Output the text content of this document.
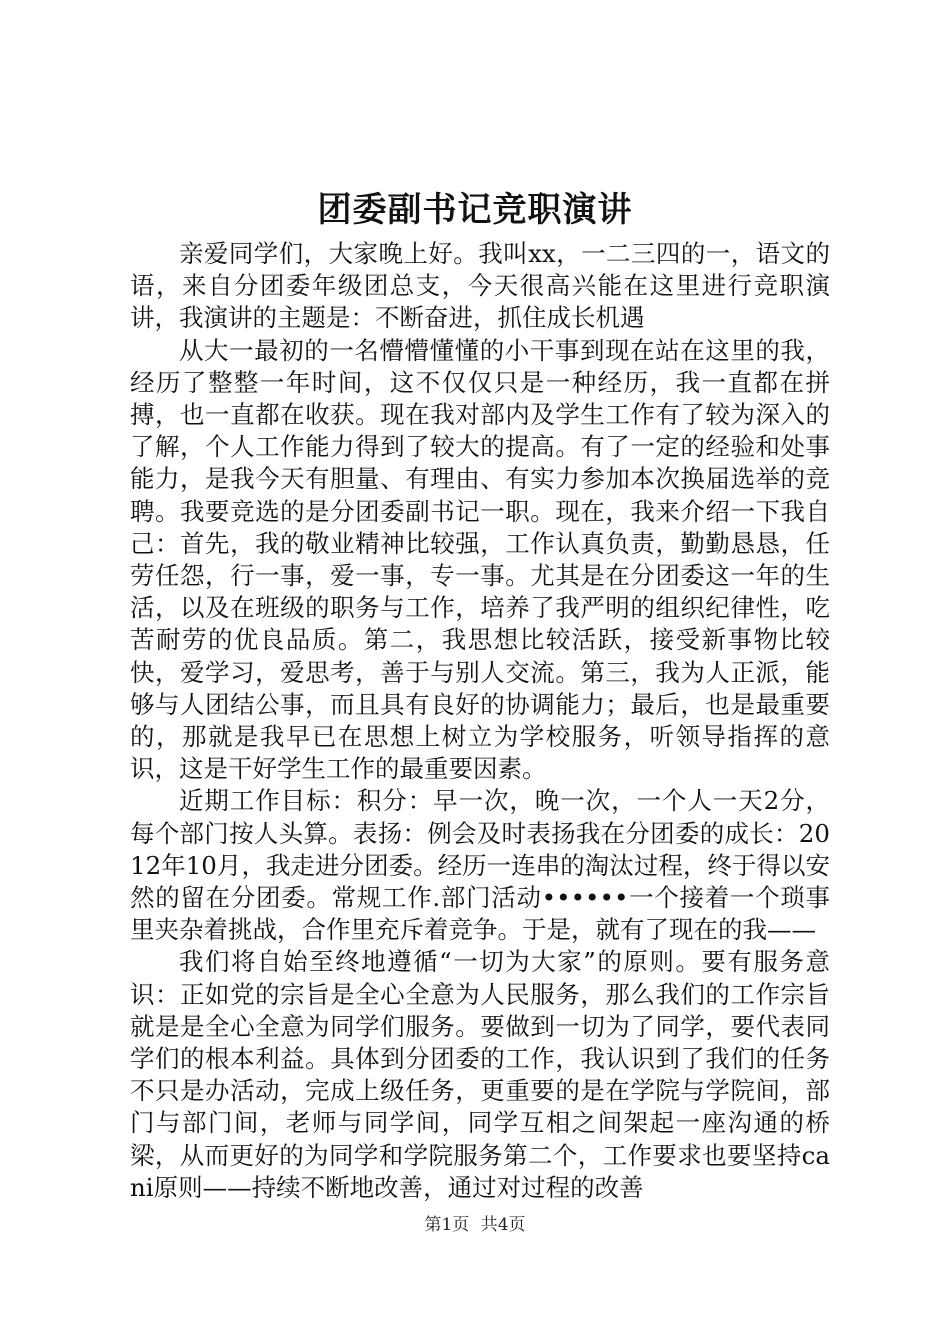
团委副书记竞职演讲

亲爱同学们，大家晚上好。我叫xx，一二三四的一，语文的语，来自分团委年级团总支，今天很高兴能在这里进行竞职演讲，我演讲的主题是：不断奋进，抓住成长机遇

从大一最初的一名懵懵懂懂的小干事到现在站在这里的我，经历了整整一年时间，这不仅仅只是一种经历，我一直都在拼搏，也一直都在收获。现在我对部内及学生工作有了较为深入的了解，个人工作能力得到了较大的提高。有了一定的经验和处事能力，是我今天有胆量、有理由、有实力参加本次换届选举的竞聘。我要竞选的是分团委副书记一职。现在，我来介绍一下我自己：首先，我的敬业精神比较强，工作认真负责，勤勤恳恳，任劳任怨，行一事，爱一事，专一事。尤其是在分团委这一年的生活，以及在班级的职务与工作，培养了我严明的组织纪律性，吃苦耐劳的优良品质。第二，我思想比较活跃，接受新事物比较快，爱学习，爱思考，善于与别人交流。第三，我为人正派，能够与人团结公事，而且具有良好的协调能力；最后，也是最重要的，那就是我早已在思想上树立为学校服务，听领导指挥的意识，这是干好学生工作的最重要因素。

近期工作目标：积分：早一次，晚一次，一个人一天2分，每个部门按人头算。表扬：例会及时表扬我在分团委的成长：2012年10月，我走进分团委。经历一连串的淘汰过程，终于得以安然的留在分团委。常规工作.部门活动••••••一个接着一个琐事里夹杂着挑战，合作里充斥着竞争。于是，就有了现在的我——

我们将自始至终地遵循“一切为大家”的原则。要有服务意识：正如党的宗旨是全心全意为人民服务，那么我们的工作宗旨就是是全心全意为同学们服务。要做到一切为了同学，要代表同学们的根本利益。具体到分团委的工作，我认识到了我们的任务不只是办活动，完成上级任务，更重要的是在学院与学院间，部门与部门间，老师与同学间，同学互相之间架起一座沟通的桥梁，从而更好的为同学和学院服务第二个，工作要求也要坚持cani原则——持续不断地改善，通过对过程的改善

第1页 共4页
